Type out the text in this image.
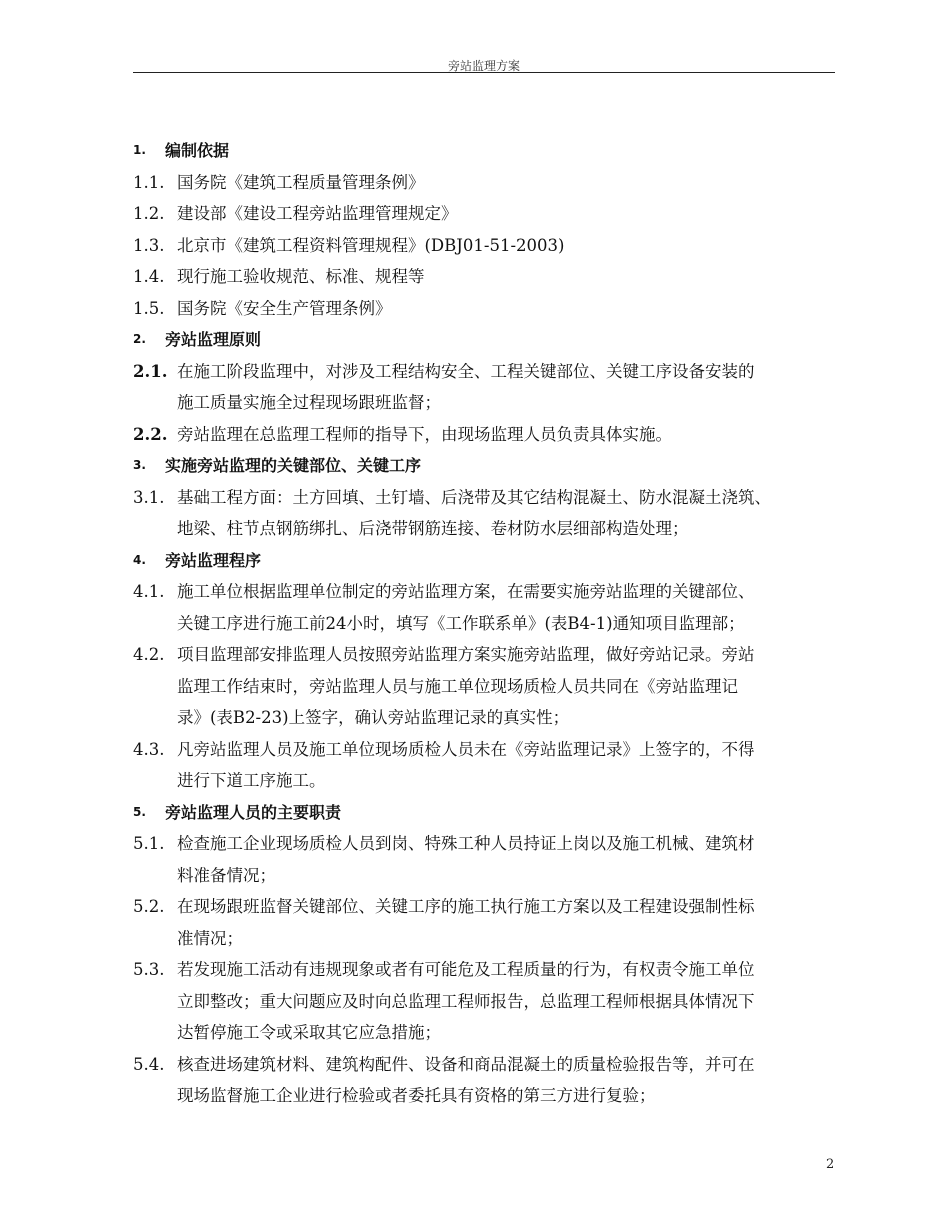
旁站监理方案
1. 编制依据
1.1. 国务院《建筑工程质量管理条例》
1.2. 建设部《建设工程旁站监理管理规定》
1.3. 北京市《建筑工程资料管理规程》(DBJ01-51-2003)
1.4. 现行施工验收规范、标准、规程等
1.5. 国务院《安全生产管理条例》
2. 旁站监理原则
2.1. 在施工阶段监理中，对涉及工程结构安全、工程关键部位、关键工序设备安装的
施工质量实施全过程现场跟班监督；
2.2. 旁站监理在总监理工程师的指导下，由现场监理人员负责具体实施。
3. 实施旁站监理的关键部位、关键工序
3.1. 基础工程方面：土方回填、土钉墙、后浇带及其它结构混凝土、防水混凝土浇筑、
地梁、柱节点钢筋绑扎、后浇带钢筋连接、卷材防水层细部构造处理；
4. 旁站监理程序
4.1. 施工单位根据监理单位制定的旁站监理方案，在需要实施旁站监理的关键部位、
关键工序进行施工前24小时，填写《工作联系单》(表B4-1)通知项目监理部；
4.2. 项目监理部安排监理人员按照旁站监理方案实施旁站监理，做好旁站记录。旁站
监理工作结束时，旁站监理人员与施工单位现场质检人员共同在《旁站监理记
录》(表B2-23)上签字，确认旁站监理记录的真实性；
4.3. 凡旁站监理人员及施工单位现场质检人员未在《旁站监理记录》上签字的，不得
进行下道工序施工。
5. 旁站监理人员的主要职责
5.1. 检查施工企业现场质检人员到岗、特殊工种人员持证上岗以及施工机械、建筑材
料准备情况；
5.2. 在现场跟班监督关键部位、关键工序的施工执行施工方案以及工程建设强制性标
准情况；
5.3. 若发现施工活动有违规现象或者有可能危及工程质量的行为，有权责令施工单位
立即整改；重大问题应及时向总监理工程师报告，总监理工程师根据具体情况下
达暂停施工令或采取其它应急措施；
5.4. 核查进场建筑材料、建筑构配件、设备和商品混凝土的质量检验报告等，并可在
现场监督施工企业进行检验或者委托具有资格的第三方进行复验；
2
